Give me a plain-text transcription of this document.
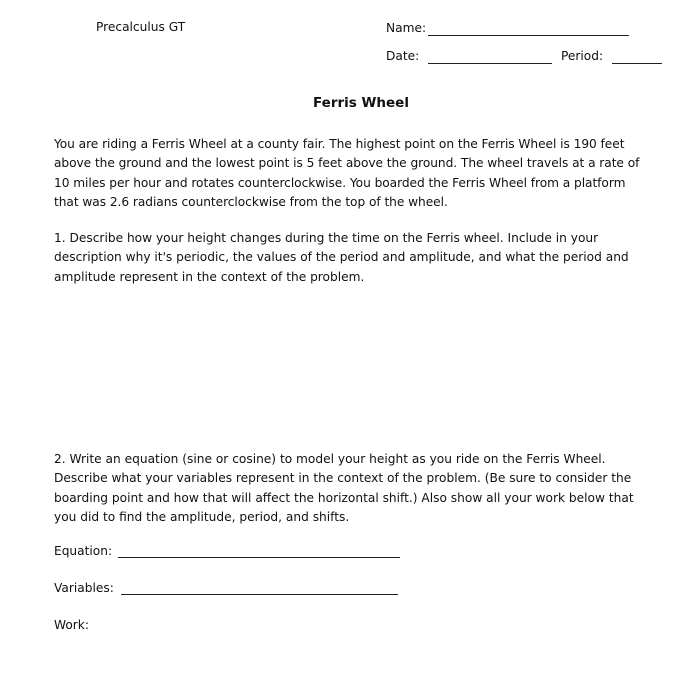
Precalculus GT	Name:
Date:	Period:
Ferris Wheel

You are riding a Ferris Wheel at a county fair. The highest point on the Ferris Wheel is 190 feet

above the ground and the lowest point is 5 feet above the ground. The wheel travels at a rate of

10 miles per hour and rotates counterclockwise. You boarded the Ferris Wheel from a platform

that was 2.6 radians counterclockwise from the top of the wheel.

1. Describe how your height changes during the time on the Ferris wheel. Include in your

description why it's periodic, the values of the period and amplitude, and what the period and

amplitude represent in the context of the problem.

2. Write an equation (sine or cosine) to model your height as you ride on the Ferris Wheel.

Describe what your variables represent in the context of the problem. (Be sure to consider the

boarding point and how that will affect the horizontal shift.) Also show all your work below that

you did to find the amplitude, period, and shifts.

Equation:
Variables:
Work:
